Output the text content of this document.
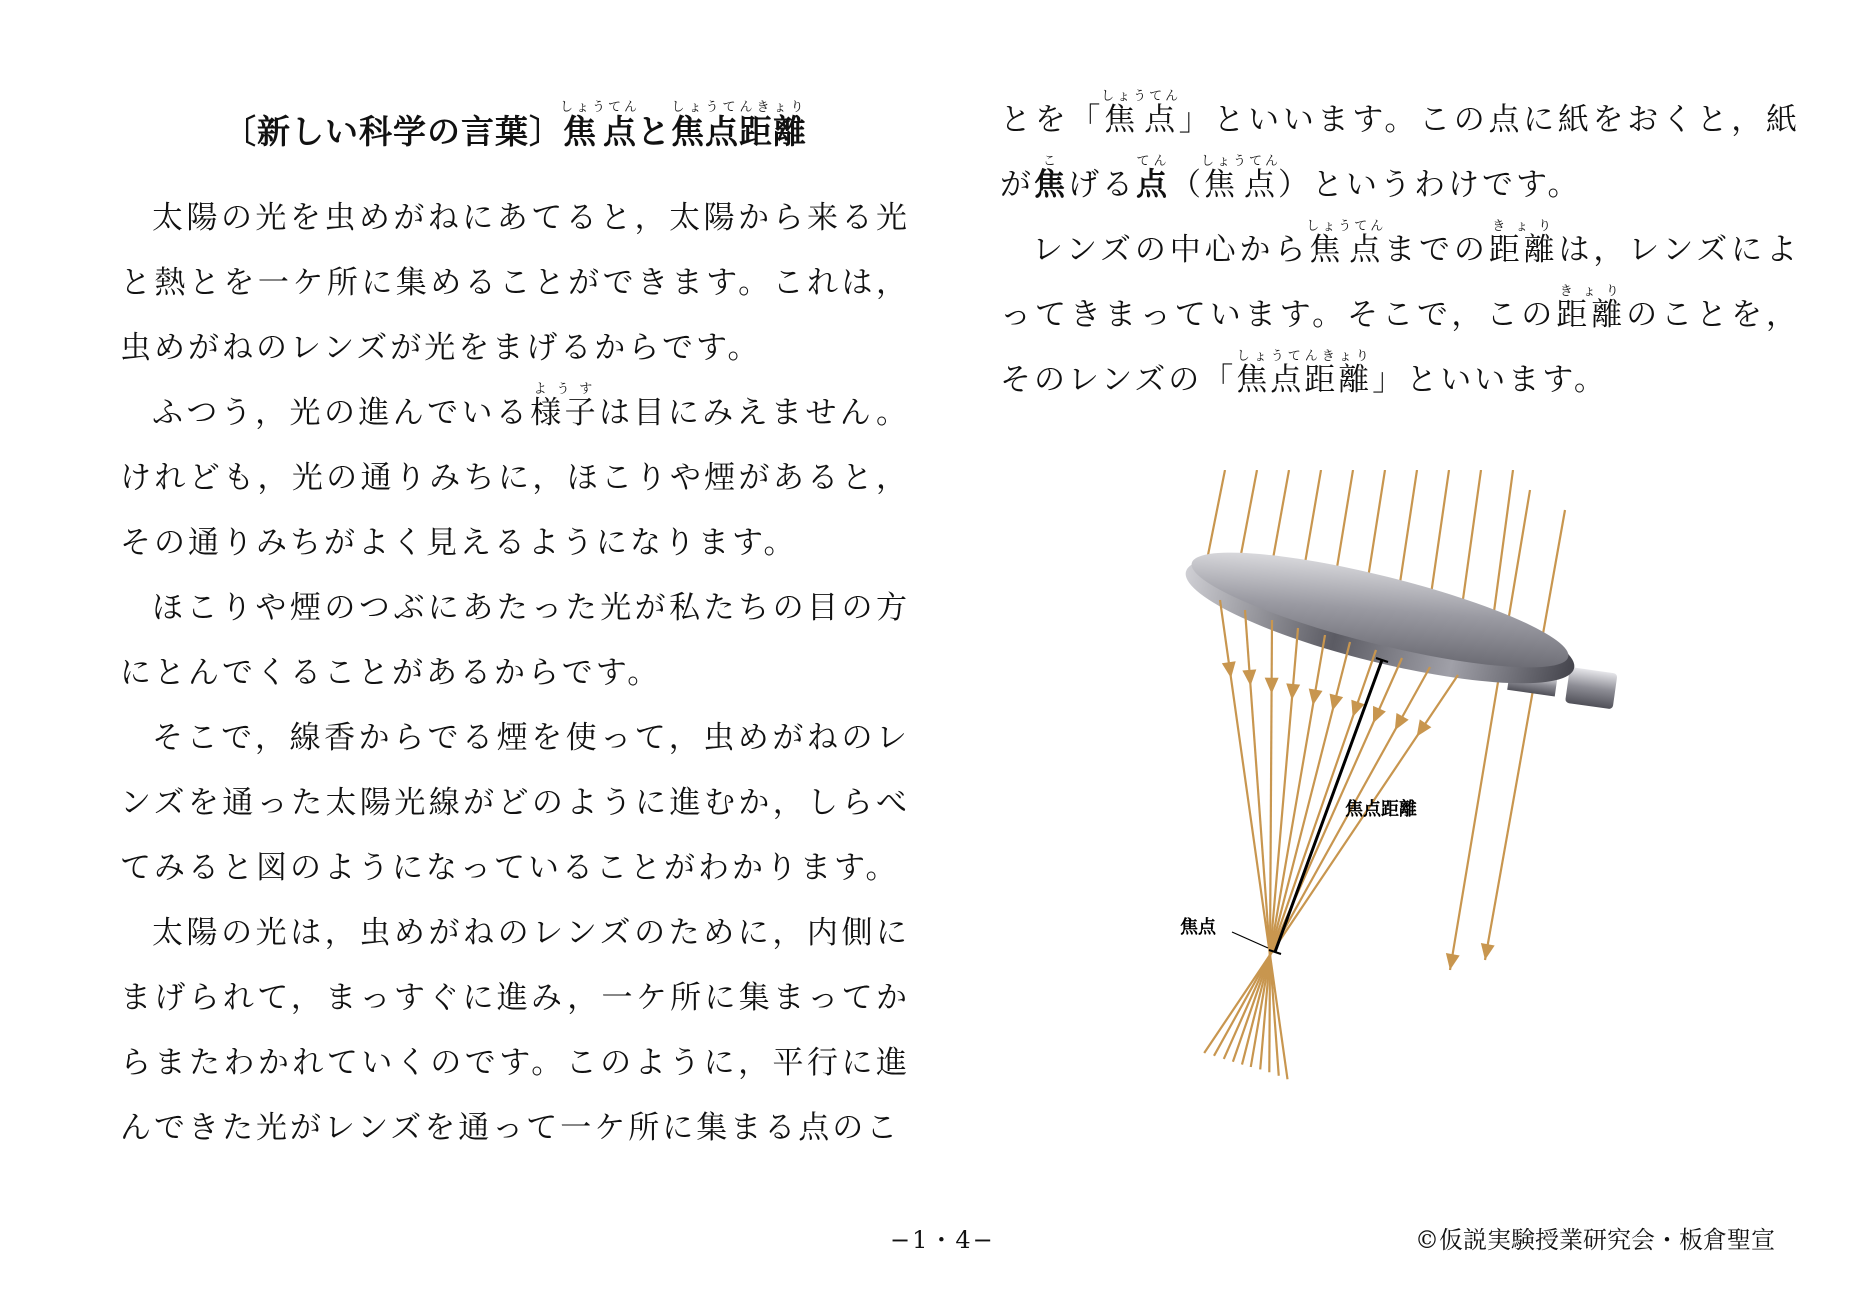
〔新しい科学の言葉〕焦点しょうてんと焦点距離しょうてんきょり

太陽の光を虫めがねにあてると，太陽から来る光と熱とを一ケ所に集めることができます。これは，虫めがねのレンズが光をまげるからです。

ふつう，光の進んでいる様子ようすは目にみえません。けれども，光の通りみちに，ほこりや煙があると，その通りみちがよく見えるようになります。

ほこりや煙のつぶにあたった光が私たちの目の方にとんでくることがあるからです。

そこで，線香からでる煙を使って，虫めがねのレンズを通った太陽光線がどのように進むか，しらべてみると図のようになっていることがわかります。

太陽の光は，虫めがねのレンズのために，内側にまげられて，まっすぐに進み，一ケ所に集まってからまたわかれていくのです。このように，平行に進んできた光がレンズを通って一ケ所に集まる点のこ

とを「焦点しょうてん」といいます。この点に紙をおくと，紙が焦こげる点てん（焦点しょうてん）というわけです。

レンズの中心から焦点しょうてんまでの距離きょりは，レンズによってきまっています。そこで，この距離きょりのことを，そのレンズの「焦点距離しょうてんきょり」といいます。

焦点距離
焦点
−1・4−	©仮説実験授業研究会・板倉聖宣
